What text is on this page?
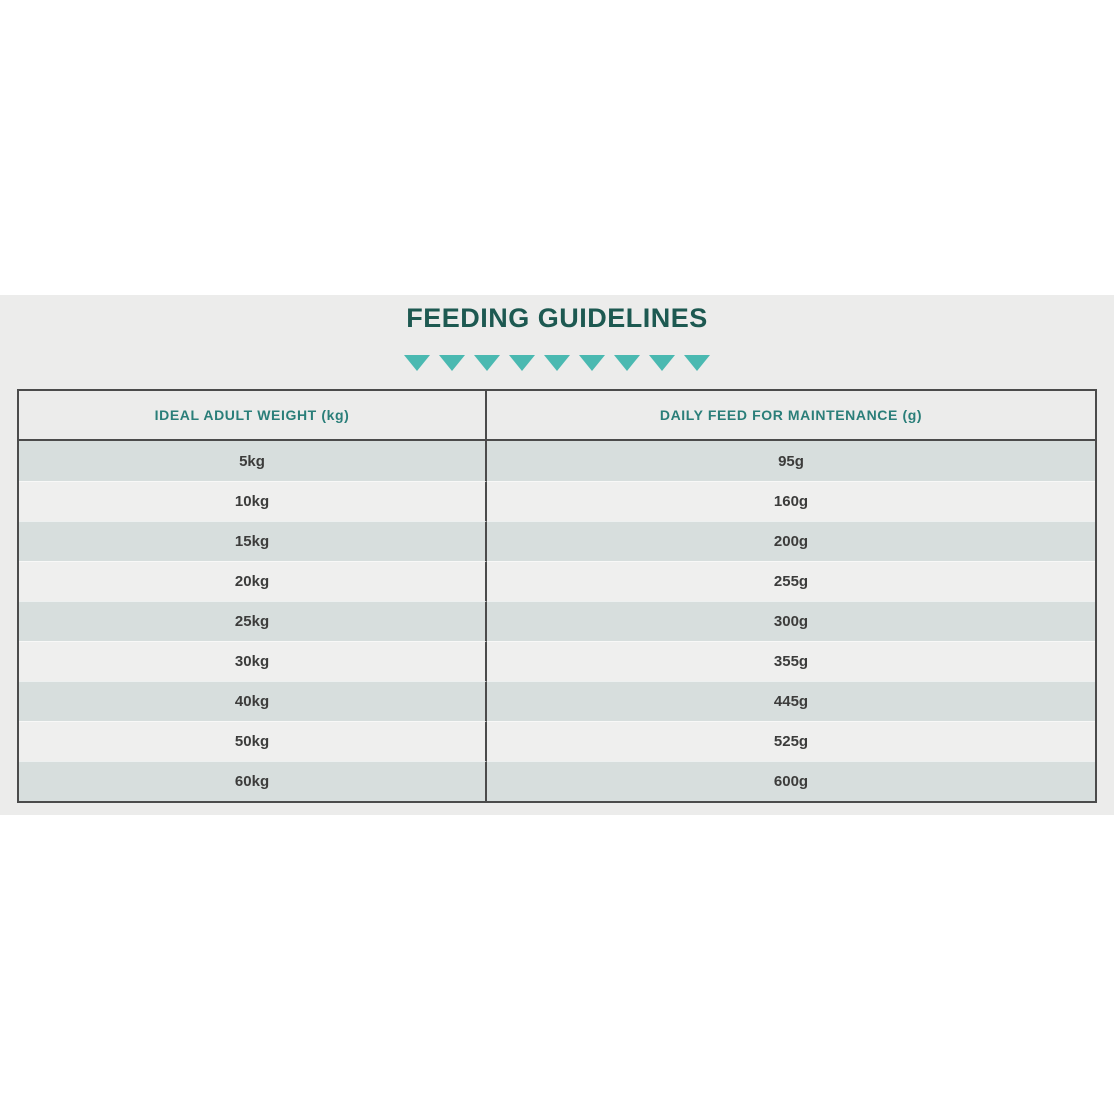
FEEDING GUIDELINES
IDEAL ADULT WEIGHT (kg)	DAILY FEED FOR MAINTENANCE (g)
5kg	95g
10kg	160g
15kg	200g
20kg	255g
25kg	300g
30kg	355g
40kg	445g
50kg	525g
60kg	600g
